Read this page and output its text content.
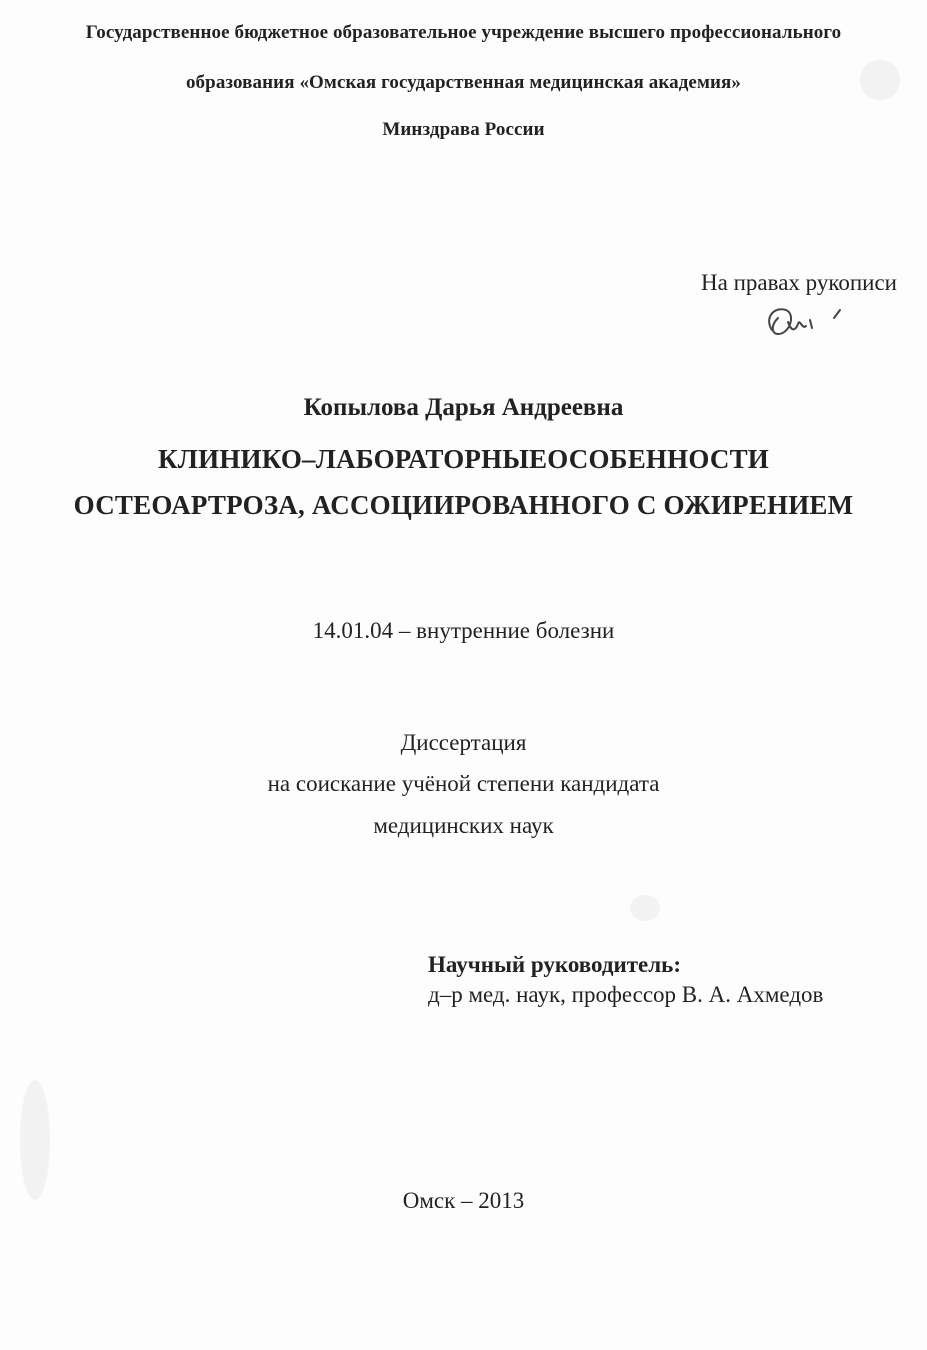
Государственное бюджетное образовательное учреждение высшего профессионального
образования «Омская государственная медицинская академия»
Минздрава России
На правах рукописи
Копылова Дарья Андреевна
КЛИНИКО–ЛАБОРАТОРНЫЕОСОБЕННОСТИ
ОСТЕОАРТРОЗА, АССОЦИИРОВАННОГО С ОЖИРЕНИЕМ
14.01.04 – внутренние болезни
Диссертация
на соискание учёной степени кандидата
медицинских наук
Научный руководитель:
д–р мед. наук, профессор В. А. Ахмедов
Омск – 2013
